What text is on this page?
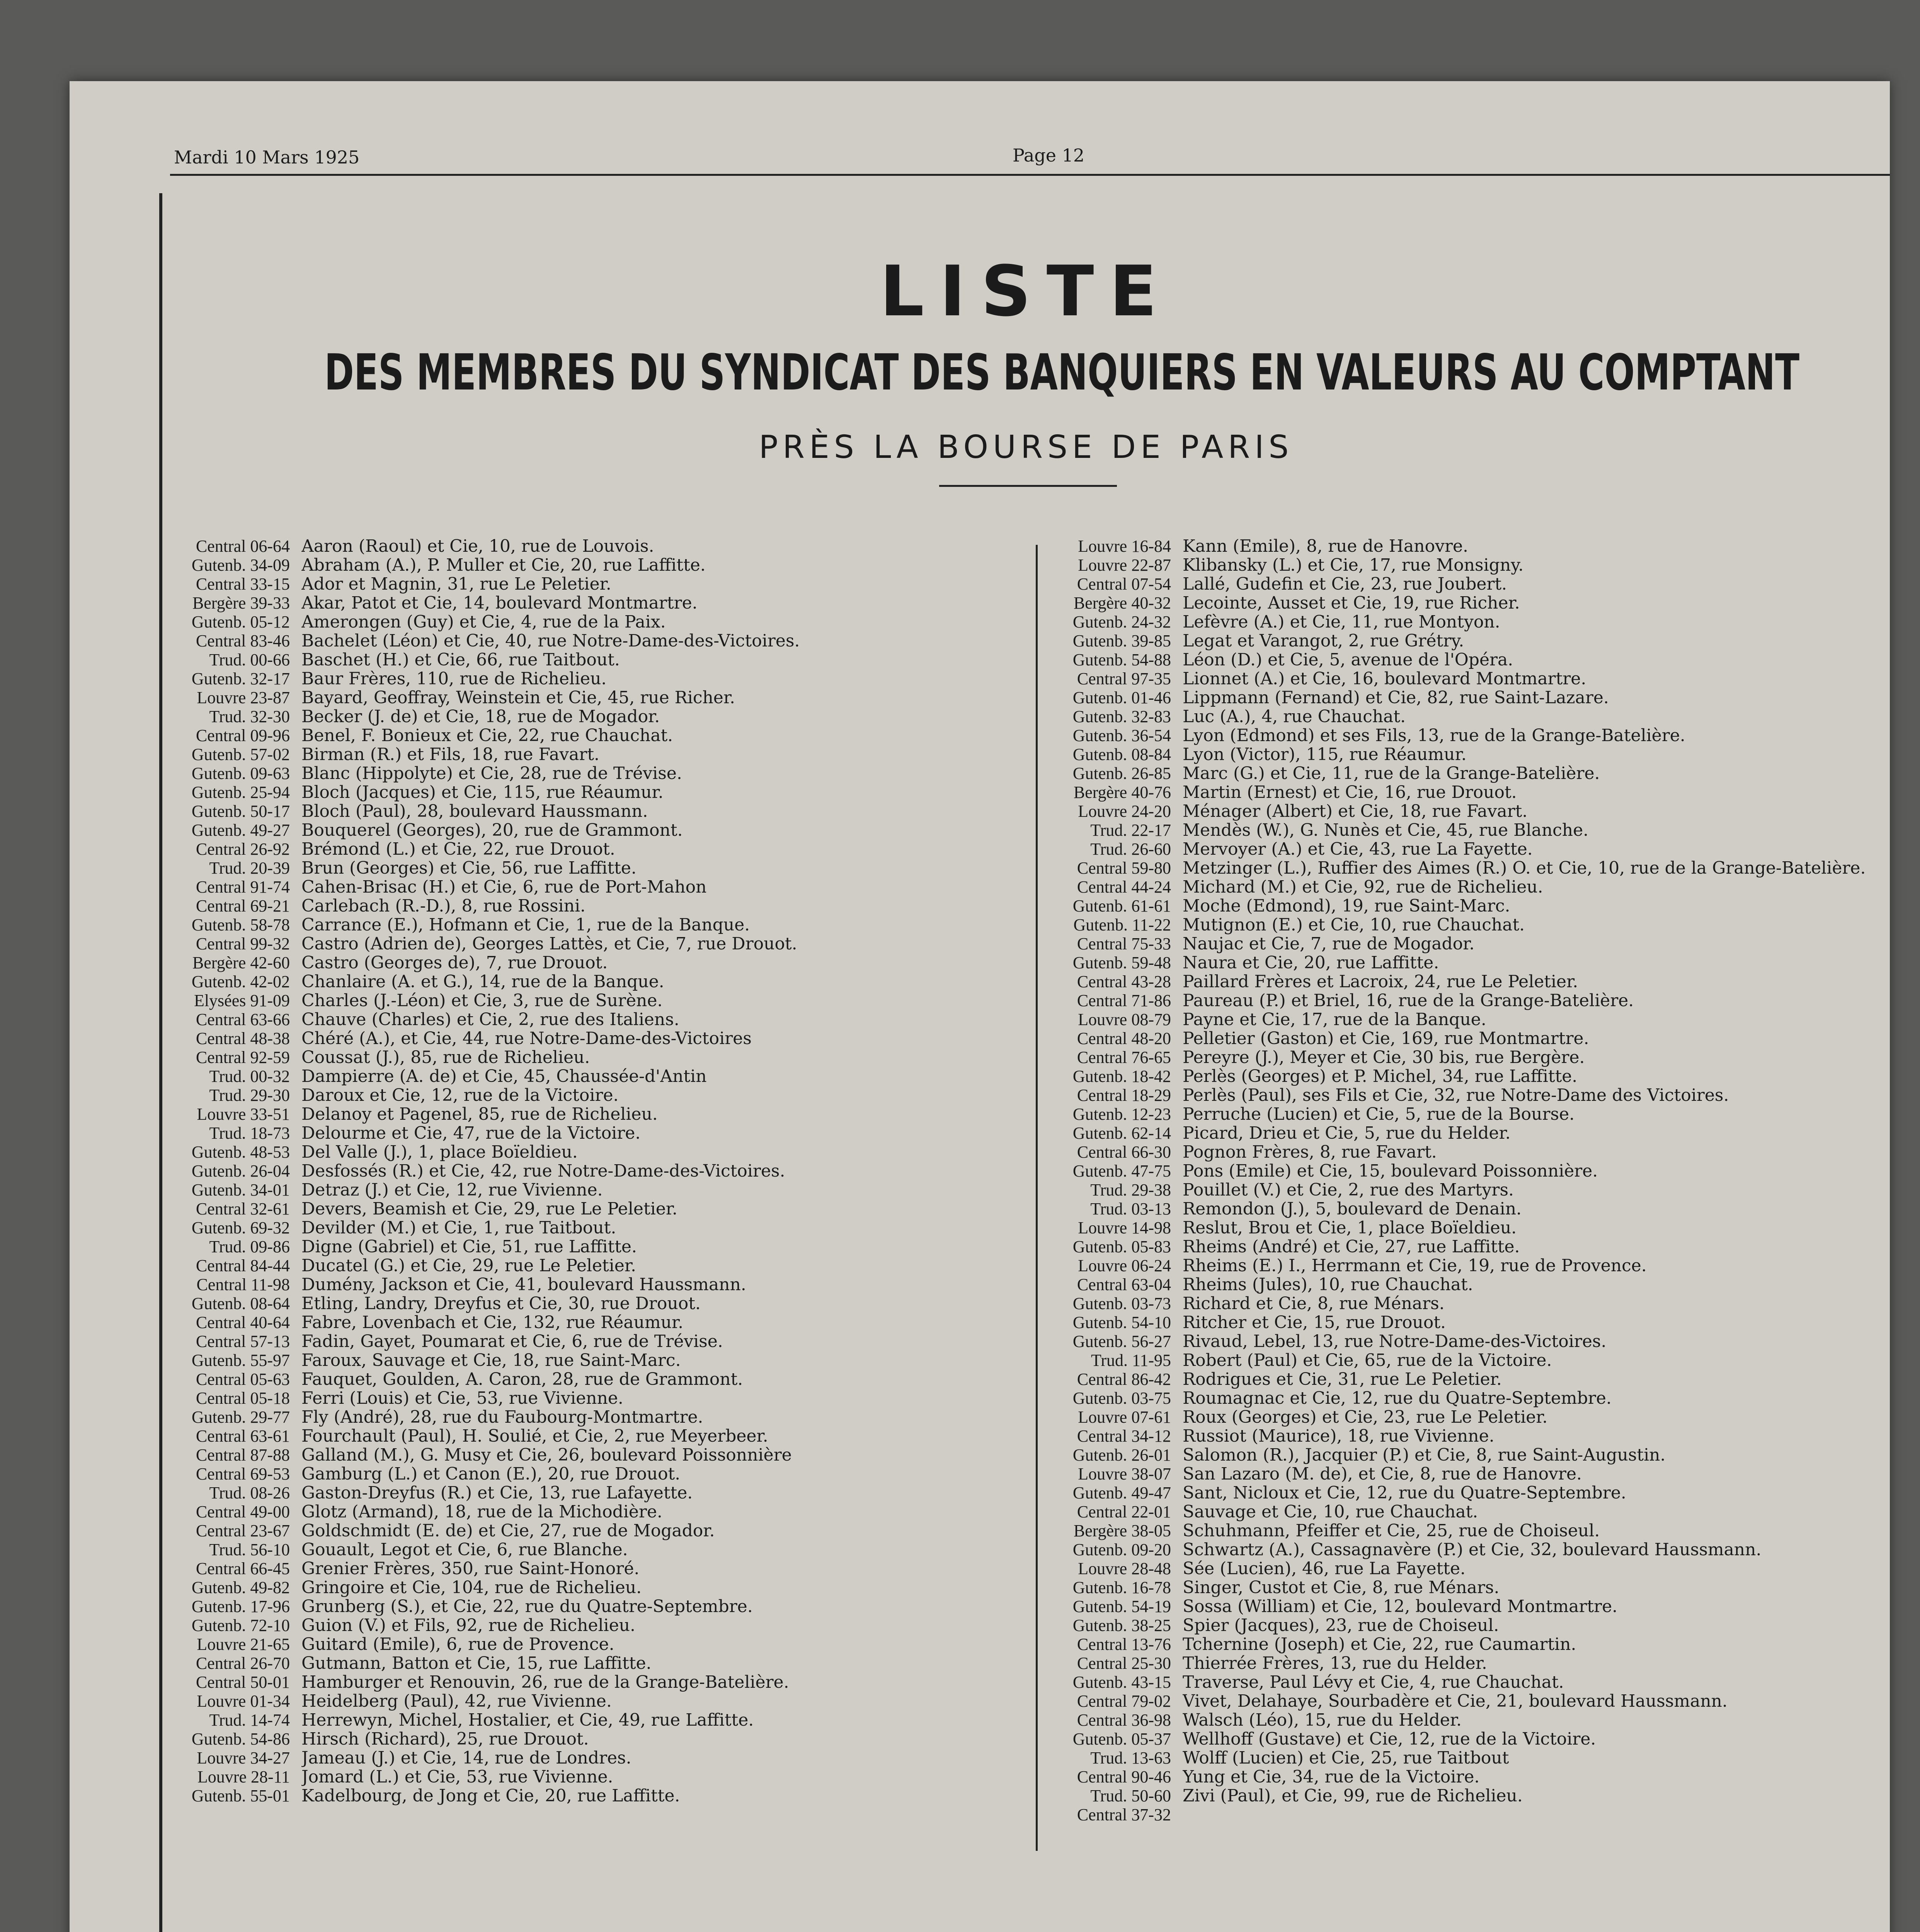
Mardi 10 Mars 1925	Page 12
LISTE
DES MEMBRES DU SYNDICAT DES BANQUIERS EN VALEURS AU COMPTANT
PRÈS LA BOURSE DE PARIS
Central 06-64 Aaron (Raoul) et Cie, 10, rue de Louvois.
Gutenb. 34-09 Abraham (A.), P. Muller et Cie, 20, rue Laffitte.
Central 33-15 Ador et Magnin, 31, rue Le Peletier.
Bergère 39-33 Akar, Patot et Cie, 14, boulevard Montmartre.
Gutenb. 05-12 Amerongen (Guy) et Cie, 4, rue de la Paix.
Central 83-46 Bachelet (Léon) et Cie, 40, rue Notre-Dame-des-Victoires.
Trud. 00-66 Baschet (H.) et Cie, 66, rue Taitbout.
Gutenb. 32-17 Baur Frères, 110, rue de Richelieu.
Louvre 23-87 Bayard, Geoffray, Weinstein et Cie, 45, rue Richer.
Trud. 32-30 Becker (J. de) et Cie, 18, rue de Mogador.
Central 09-96 Benel, F. Bonieux et Cie, 22, rue Chauchat.
Gutenb. 57-02 Birman (R.) et Fils, 18, rue Favart.
Gutenb. 09-63 Blanc (Hippolyte) et Cie, 28, rue de Trévise.
Gutenb. 25-94 Bloch (Jacques) et Cie, 115, rue Réaumur.
Gutenb. 50-17 Bloch (Paul), 28, boulevard Haussmann.
Gutenb. 49-27 Bouquerel (Georges), 20, rue de Grammont.
Central 26-92 Brémond (L.) et Cie, 22, rue Drouot.
Trud. 20-39 Brun (Georges) et Cie, 56, rue Laffitte.
Central 91-74 Cahen-Brisac (H.) et Cie, 6, rue de Port-Mahon
Central 69-21 Carlebach (R.-D.), 8, rue Rossini.
Gutenb. 58-78 Carrance (E.), Hofmann et Cie, 1, rue de la Banque.
Central 99-32 Castro (Adrien de), Georges Lattès, et Cie, 7, rue Drouot.
Bergère 42-60 Castro (Georges de), 7, rue Drouot.
Gutenb. 42-02 Chanlaire (A. et G.), 14, rue de la Banque.
Elysées 91-09 Charles (J.-Léon) et Cie, 3, rue de Surène.
Central 63-66 Chauve (Charles) et Cie, 2, rue des Italiens.
Central 48-38 Chéré (A.), et Cie, 44, rue Notre-Dame-des-Victoires
Central 92-59 Coussat (J.), 85, rue de Richelieu.
Trud. 00-32 Dampierre (A. de) et Cie, 45, Chaussée-d'Antin
Trud. 29-30 Daroux et Cie, 12, rue de la Victoire.
Louvre 33-51 Delanoy et Pagenel, 85, rue de Richelieu.
Trud. 18-73 Delourme et Cie, 47, rue de la Victoire.
Gutenb. 48-53 Del Valle (J.), 1, place Boïeldieu.
Gutenb. 26-04 Desfossés (R.) et Cie, 42, rue Notre-Dame-des-Victoires.
Gutenb. 34-01 Detraz (J.) et Cie, 12, rue Vivienne.
Central 32-61 Devers, Beamish et Cie, 29, rue Le Peletier.
Gutenb. 69-32 Devilder (M.) et Cie, 1, rue Taitbout.
Trud. 09-86 Digne (Gabriel) et Cie, 51, rue Laffitte.
Central 84-44 Ducatel (G.) et Cie, 29, rue Le Peletier.
Central 11-98 Dumény, Jackson et Cie, 41, boulevard Haussmann.
Gutenb. 08-64 Etling, Landry, Dreyfus et Cie, 30, rue Drouot.
Central 40-64 Fabre, Lovenbach et Cie, 132, rue Réaumur.
Central 57-13 Fadin, Gayet, Poumarat et Cie, 6, rue de Trévise.
Gutenb. 55-97 Faroux, Sauvage et Cie, 18, rue Saint-Marc.
Central 05-63 Fauquet, Goulden, A. Caron, 28, rue de Grammont.
Central 05-18 Ferri (Louis) et Cie, 53, rue Vivienne.
Gutenb. 29-77 Fly (André), 28, rue du Faubourg-Montmartre.
Central 63-61 Fourchault (Paul), H. Soulié, et Cie, 2, rue Meyerbeer.
Central 87-88 Galland (M.), G. Musy et Cie, 26, boulevard Poissonnière
Central 69-53 Gamburg (L.) et Canon (E.), 20, rue Drouot.
Trud. 08-26 Gaston-Dreyfus (R.) et Cie, 13, rue Lafayette.
Central 49-00 Glotz (Armand), 18, rue de la Michodière.
Central 23-67 Goldschmidt (E. de) et Cie, 27, rue de Mogador.
Trud. 56-10 Gouault, Legot et Cie, 6, rue Blanche.
Central 66-45 Grenier Frères, 350, rue Saint-Honoré.
Gutenb. 49-82 Gringoire et Cie, 104, rue de Richelieu.
Gutenb. 17-96 Grunberg (S.), et Cie, 22, rue du Quatre-Septembre.
Gutenb. 72-10 Guion (V.) et Fils, 92, rue de Richelieu.
Louvre 21-65 Guitard (Emile), 6, rue de Provence.
Central 26-70 Gutmann, Batton et Cie, 15, rue Laffitte.
Central 50-01 Hamburger et Renouvin, 26, rue de la Grange-Batelière.
Louvre 01-34 Heidelberg (Paul), 42, rue Vivienne.
Trud. 14-74 Herrewyn, Michel, Hostalier, et Cie, 49, rue Laffitte.
Gutenb. 54-86 Hirsch (Richard), 25, rue Drouot.
Louvre 34-27 Jameau (J.) et Cie, 14, rue de Londres.
Louvre 28-11 Jomard (L.) et Cie, 53, rue Vivienne.
Gutenb. 55-01 Kadelbourg, de Jong et Cie, 20, rue Laffitte.
Louvre 16-84 Kann (Emile), 8, rue de Hanovre.
Louvre 22-87 Klibansky (L.) et Cie, 17, rue Monsigny.
Central 07-54 Lallé, Gudefin et Cie, 23, rue Joubert.
Bergère 40-32 Lecointe, Ausset et Cie, 19, rue Richer.
Gutenb. 24-32 Lefèvre (A.) et Cie, 11, rue Montyon.
Gutenb. 39-85 Legat et Varangot, 2, rue Grétry.
Gutenb. 54-88 Léon (D.) et Cie, 5, avenue de l'Opéra.
Central 97-35 Lionnet (A.) et Cie, 16, boulevard Montmartre.
Gutenb. 01-46 Lippmann (Fernand) et Cie, 82, rue Saint-Lazare.
Gutenb. 32-83 Luc (A.), 4, rue Chauchat.
Gutenb. 36-54 Lyon (Edmond) et ses Fils, 13, rue de la Grange-Batelière.
Gutenb. 08-84 Lyon (Victor), 115, rue Réaumur.
Gutenb. 26-85 Marc (G.) et Cie, 11, rue de la Grange-Batelière.
Bergère 40-76 Martin (Ernest) et Cie, 16, rue Drouot.
Louvre 24-20 Ménager (Albert) et Cie, 18, rue Favart.
Trud. 22-17 Mendès (W.), G. Nunès et Cie, 45, rue Blanche.
Trud. 26-60 Mervoyer (A.) et Cie, 43, rue La Fayette.
Central 59-80 Metzinger (L.), Ruffier des Aimes (R.) O. et Cie, 10, rue de la Grange-Batelière.
Central 44-24 Michard (M.) et Cie, 92, rue de Richelieu.
Gutenb. 61-61 Moche (Edmond), 19, rue Saint-Marc.
Gutenb. 11-22 Mutignon (E.) et Cie, 10, rue Chauchat.
Central 75-33 Naujac et Cie, 7, rue de Mogador.
Gutenb. 59-48 Naura et Cie, 20, rue Laffitte.
Central 43-28 Paillard Frères et Lacroix, 24, rue Le Peletier.
Central 71-86 Paureau (P.) et Briel, 16, rue de la Grange-Batelière.
Louvre 08-79 Payne et Cie, 17, rue de la Banque.
Central 48-20 Pelletier (Gaston) et Cie, 169, rue Montmartre.
Central 76-65 Pereyre (J.), Meyer et Cie, 30 bis, rue Bergère.
Gutenb. 18-42 Perlès (Georges) et P. Michel, 34, rue Laffitte.
Central 18-29 Perlès (Paul), ses Fils et Cie, 32, rue Notre-Dame des Victoires.
Gutenb. 12-23 Perruche (Lucien) et Cie, 5, rue de la Bourse.
Gutenb. 62-14 Picard, Drieu et Cie, 5, rue du Helder.
Central 66-30 Pognon Frères, 8, rue Favart.
Gutenb. 47-75 Pons (Emile) et Cie, 15, boulevard Poissonnière.
Trud. 29-38 Pouillet (V.) et Cie, 2, rue des Martyrs.
Trud. 03-13 Remondon (J.), 5, boulevard de Denain.
Louvre 14-98 Reslut, Brou et Cie, 1, place Boïeldieu.
Gutenb. 05-83 Rheims (André) et Cie, 27, rue Laffitte.
Louvre 06-24 Rheims (E.) I., Herrmann et Cie, 19, rue de Provence.
Central 63-04 Rheims (Jules), 10, rue Chauchat.
Gutenb. 03-73 Richard et Cie, 8, rue Ménars.
Gutenb. 54-10 Ritcher et Cie, 15, rue Drouot.
Gutenb. 56-27 Rivaud, Lebel, 13, rue Notre-Dame-des-Victoires.
Trud. 11-95 Robert (Paul) et Cie, 65, rue de la Victoire.
Central 86-42 Rodrigues et Cie, 31, rue Le Peletier.
Gutenb. 03-75 Roumagnac et Cie, 12, rue du Quatre-Septembre.
Louvre 07-61 Roux (Georges) et Cie, 23, rue Le Peletier.
Central 34-12 Russiot (Maurice), 18, rue Vivienne.
Gutenb. 26-01 Salomon (R.), Jacquier (P.) et Cie, 8, rue Saint-Augustin.
Louvre 38-07 San Lazaro (M. de), et Cie, 8, rue de Hanovre.
Gutenb. 49-47 Sant, Nicloux et Cie, 12, rue du Quatre-Septembre.
Central 22-01 Sauvage et Cie, 10, rue Chauchat.
Bergère 38-05 Schuhmann, Pfeiffer et Cie, 25, rue de Choiseul.
Gutenb. 09-20 Schwartz (A.), Cassagnavère (P.) et Cie, 32, boulevard Haussmann.
Louvre 28-48 Sée (Lucien), 46, rue La Fayette.
Gutenb. 16-78 Singer, Custot et Cie, 8, rue Ménars.
Gutenb. 54-19 Sossa (William) et Cie, 12, boulevard Montmartre.
Gutenb. 38-25 Spier (Jacques), 23, rue de Choiseul.
Central 13-76 Tchernine (Joseph) et Cie, 22, rue Caumartin.
Central 25-30 Thierrée Frères, 13, rue du Helder.
Gutenb. 43-15 Traverse, Paul Lévy et Cie, 4, rue Chauchat.
Central 79-02 Vivet, Delahaye, Sourbadère et Cie, 21, boulevard Haussmann.
Central 36-98 Walsch (Léo), 15, rue du Helder.
Gutenb. 05-37 Wellhoff (Gustave) et Cie, 12, rue de la Victoire.
Trud. 13-63 Wolff (Lucien) et Cie, 25, rue Taitbout
Central 90-46 Yung et Cie, 34, rue de la Victoire.
Trud. 50-60 Zivi (Paul), et Cie, 99, rue de Richelieu.
Central 37-32
